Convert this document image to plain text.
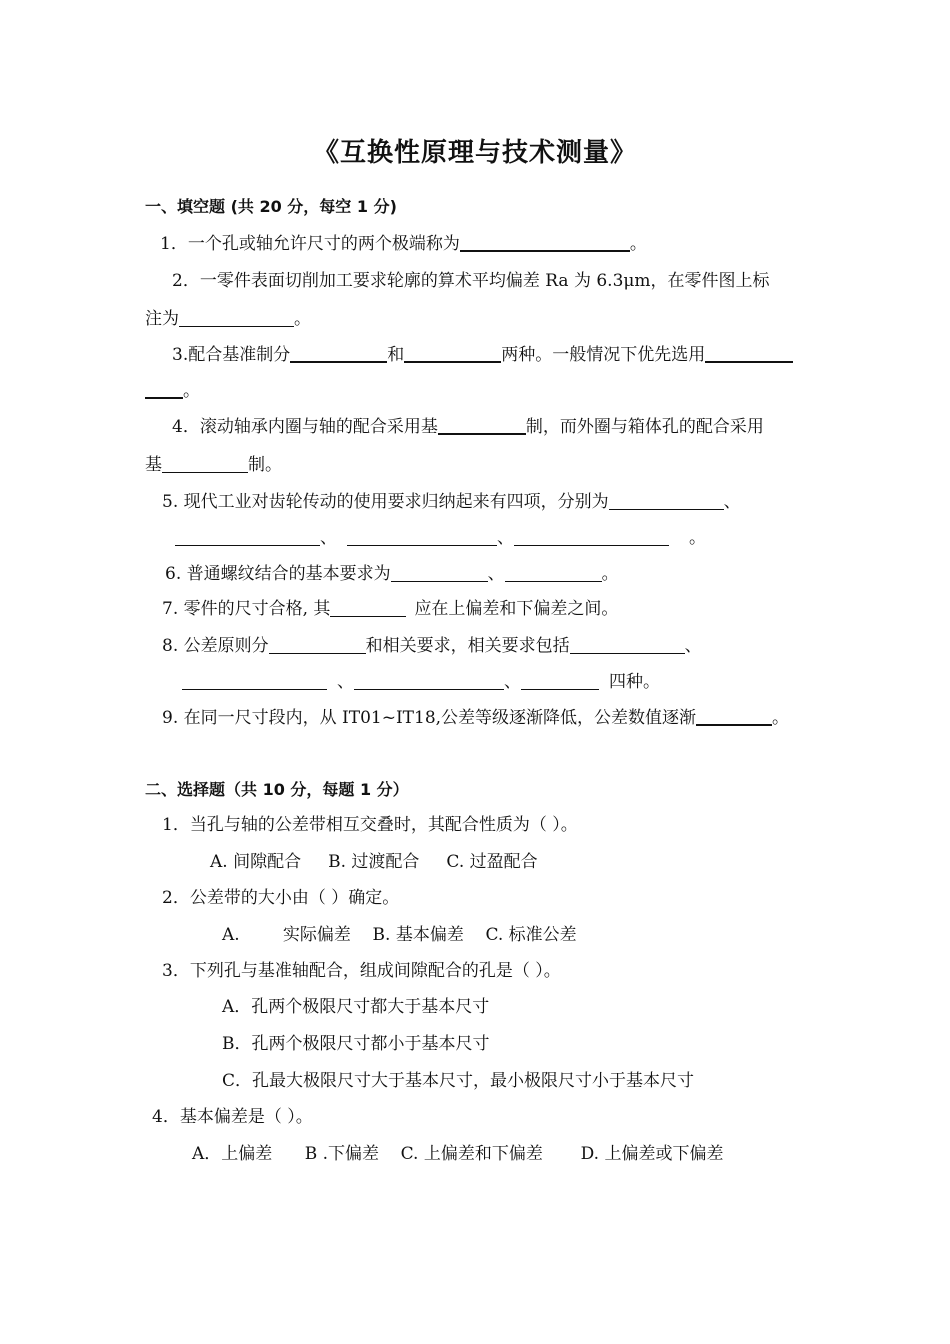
《互换性原理与技术测量》
一、填空题 (共 20 分，每空 1 分)
1．一个孔或轴允许尺寸的两个极端称为	。
2．一零件表面切削加工要求轮廓的算术平均偏差 Ra 为 6.3μm，在零件图上标
注为	。
3.配合基准制分	和	两种。一般情况下优先选用
。
4．滚动轴承内圈与轴的配合采用基	制，而外圈与箱体孔的配合采用
基	制。
5. 现代工业对齿轮传动的使用要求归纳起来有四项，分别为	、
、	、	。
6. 普通螺纹结合的基本要求为	、	。
7. 零件的尺寸合格, 其	应在上偏差和下偏差之间。
8. 公差原则分	和相关要求，相关要求包括	、
、	、	四种。
9. 在同一尺寸段内，从 IT01~IT18,公差等级逐渐降低，公差数值逐渐	。
二、选择题（共 10 分，每题 1 分）
1．当孔与轴的公差带相互交叠时，其配合性质为（ ）。
A. 间隙配合     B. 过渡配合     C. 过盈配合
2．公差带的大小由（ ）确定。
A.        实际偏差    B. 基本偏差    C. 标准公差
3．下列孔与基准轴配合，组成间隙配合的孔是（ ）。
A．孔两个极限尺寸都大于基本尺寸
B．孔两个极限尺寸都小于基本尺寸
C．孔最大极限尺寸大于基本尺寸，最小极限尺寸小于基本尺寸
4．基本偏差是（ ）。
A．上偏差      B .下偏差    C. 上偏差和下偏差       D. 上偏差或下偏差
